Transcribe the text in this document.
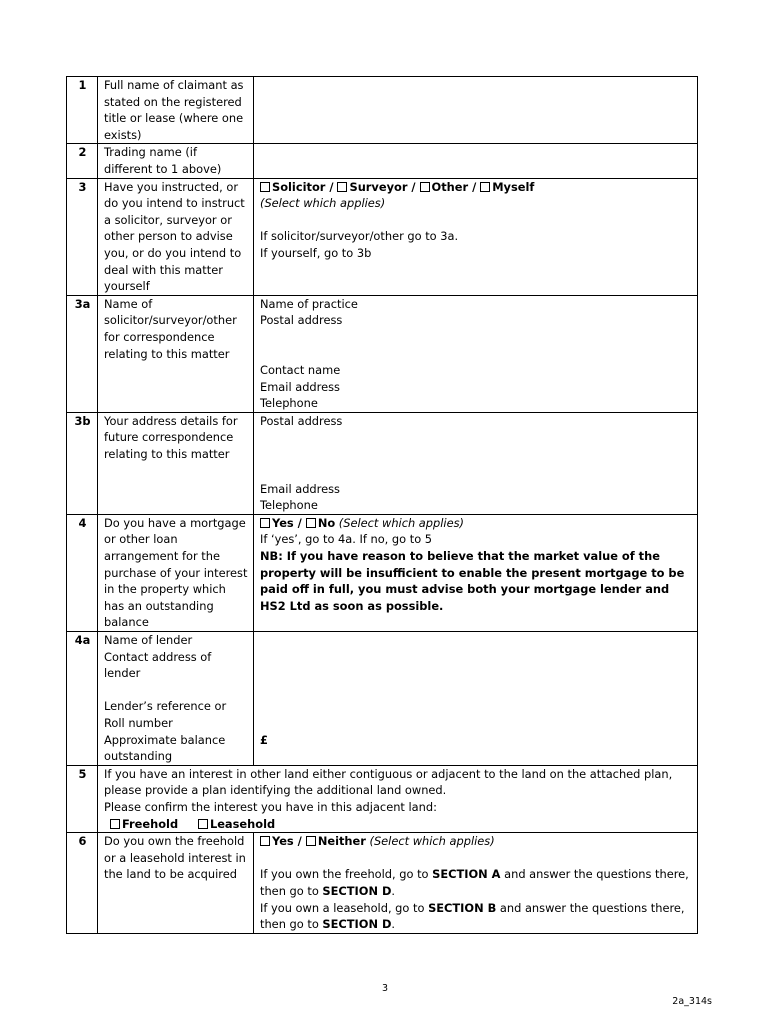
1	Full name of claimant as stated on the registered title or lease (where one exists)	
2	Trading name (if different to 1 above)	
3	Have you instructed, or do you intend to instruct a solicitor, surveyor or other person to advise you, or do you intend to deal with this matter yourself	Solicitor / Surveyor / Other / Myself
(Select which applies)
If solicitor/surveyor/other go to 3a.
If yourself, go to 3b

3a	Name of solicitor/surveyor/other for correspondence relating to this matter	Name of practice
Postal address
Contact name
Email address
Telephone

3b	Your address details for future correspondence relating to this matter	Postal address
Email address
Telephone

4	Do you have a mortgage or other loan arrangement for the purchase of your interest in the property which has an outstanding balance	Yes / No (Select which applies)
If ‘yes’, go to 4a. If no, go to 5
NB: If you have reason to believe that the market value of the property will be insufficient to enable the present mortgage to be paid off in full, you must advise both your mortgage lender and HS2 Ltd as soon as possible.

4a	Name of lender
Contact address of lender
Lender’s reference or Roll number
Approximate balance outstanding	£

5	If you have an interest in other land either contiguous or adjacent to the land on the attached plan, please provide a plan identifying the additional land owned.
Please confirm the interest you have in this adjacent land:
Freehold Leasehold	

6	Do you own the freehold or a leasehold interest in the land to be acquired	Yes / Neither (Select which applies)
If you own the freehold, go to SECTION A and answer the questions there, then go to SECTION D.
If you own a leasehold, go to SECTION B and answer the questions there, then go to SECTION D.
3
2a_314s
